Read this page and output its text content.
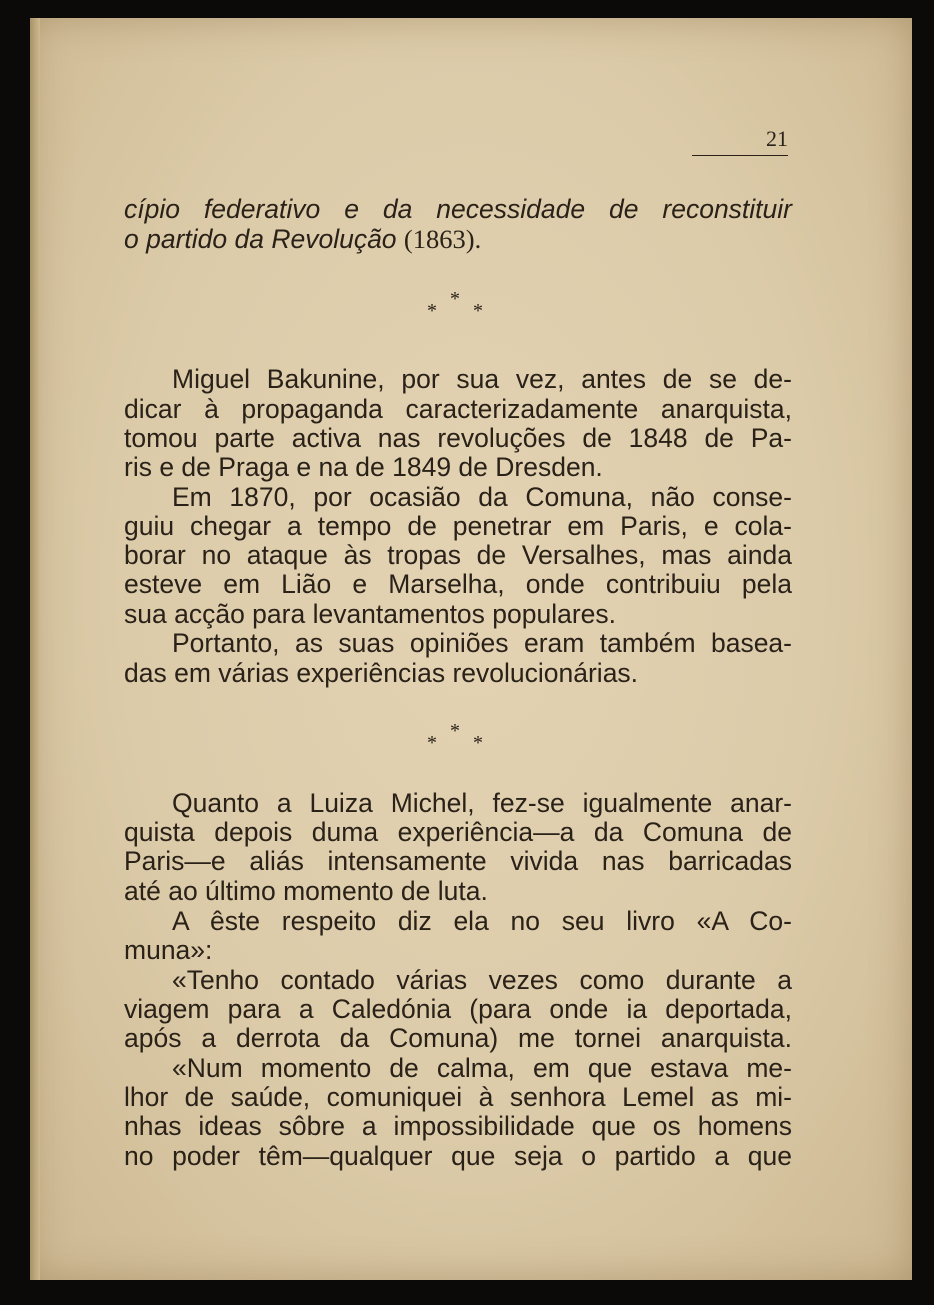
21
cípio federativo e da necessidade de reconstituir
o partido da Revolução (1863).
*
* *
Miguel Bakunine, por sua vez, antes de se de-
dicar à propaganda caracterizadamente anarquista,
tomou parte activa nas revoluções de 1848 de Pa-
ris e de Praga e na de 1849 de Dresden.
Em 1870, por ocasião da Comuna, não conse-
guiu chegar a tempo de penetrar em Paris, e cola-
borar no ataque às tropas de Versalhes, mas ainda
esteve em Lião e Marselha, onde contribuiu pela
sua acção para levantamentos populares.
Portanto, as suas opiniões eram também basea-
das em várias experiências revolucionárias.
*
* *
Quanto a Luiza Michel, fez-se igualmente anar-
quista depois duma experiência—a da Comuna de
Paris—e aliás intensamente vivida nas barricadas
até ao último momento de luta.
A êste respeito diz ela no seu livro «A Co-
muna»:
«Tenho contado várias vezes como durante a
viagem para a Caledónia (para onde ia deportada,
após a derrota da Comuna) me tornei anarquista.
«Num momento de calma, em que estava me-
lhor de saúde, comuniquei à senhora Lemel as mi-
nhas ideas sôbre a impossibilidade que os homens
no poder têm—qualquer que seja o partido a que
